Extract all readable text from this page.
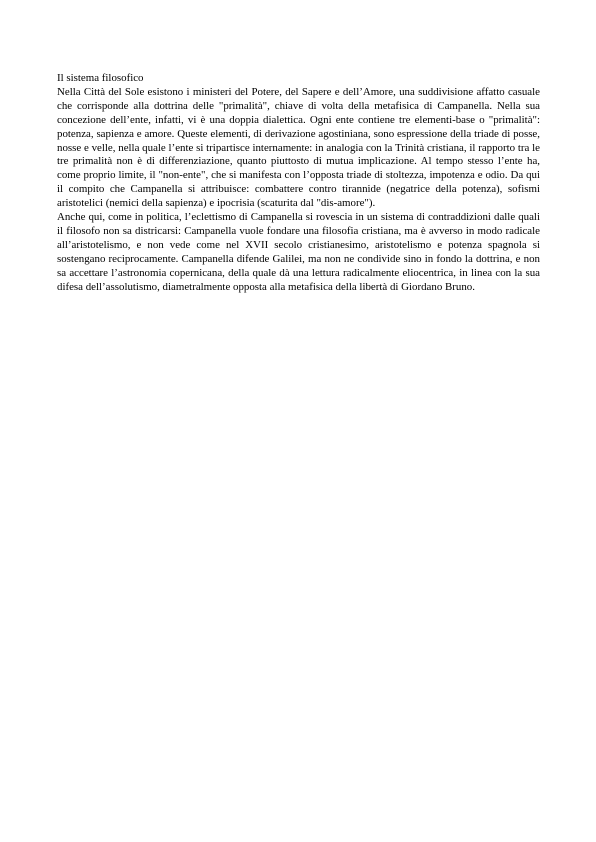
Il sistema filosofico

Nella Città del Sole esistono i ministeri del Potere, del Sapere e dell’Amore, una suddivisione affatto casuale che corrisponde alla dottrina delle "primalità", chiave di volta della metafisica di Campanella. Nella sua concezione dell’ente, infatti, vi è una doppia dialettica. Ogni ente contiene tre elementi-base o "primalità": potenza, sapienza e amore. Queste elementi, di derivazione agostiniana, sono espressione della triade di posse, nosse e velle, nella quale l’ente si tripartisce internamente: in analogia con la Trinità cristiana, il rapporto tra le tre primalità non è di differenziazione, quanto piuttosto di mutua implicazione. Al tempo stesso l’ente ha, come proprio limite, il "non-ente", che si manifesta con l’opposta triade di stoltezza, impotenza e odio. Da qui il compito che Campanella si attribuisce: combattere contro tirannide (negatrice della potenza), sofismi aristotelici (nemici della sapienza) e ipocrisia (scaturita dal "dis-amore").

Anche qui, come in politica, l’eclettismo di Campanella si rovescia in un sistema di contraddizioni dalle quali il filosofo non sa districarsi: Campanella vuole fondare una filosofia cristiana, ma è avverso in modo radicale all’aristotelismo, e non vede come nel XVII secolo cristianesimo, aristotelismo e potenza spagnola si sostengano reciprocamente. Campanella difende Galilei, ma non ne condivide sino in fondo la dottrina, e non sa accettare l’astronomia copernicana, della quale dà una lettura radicalmente eliocentrica, in linea con la sua difesa dell’assolutismo, diametralmente opposta alla metafisica della libertà di Giordano Bruno.
